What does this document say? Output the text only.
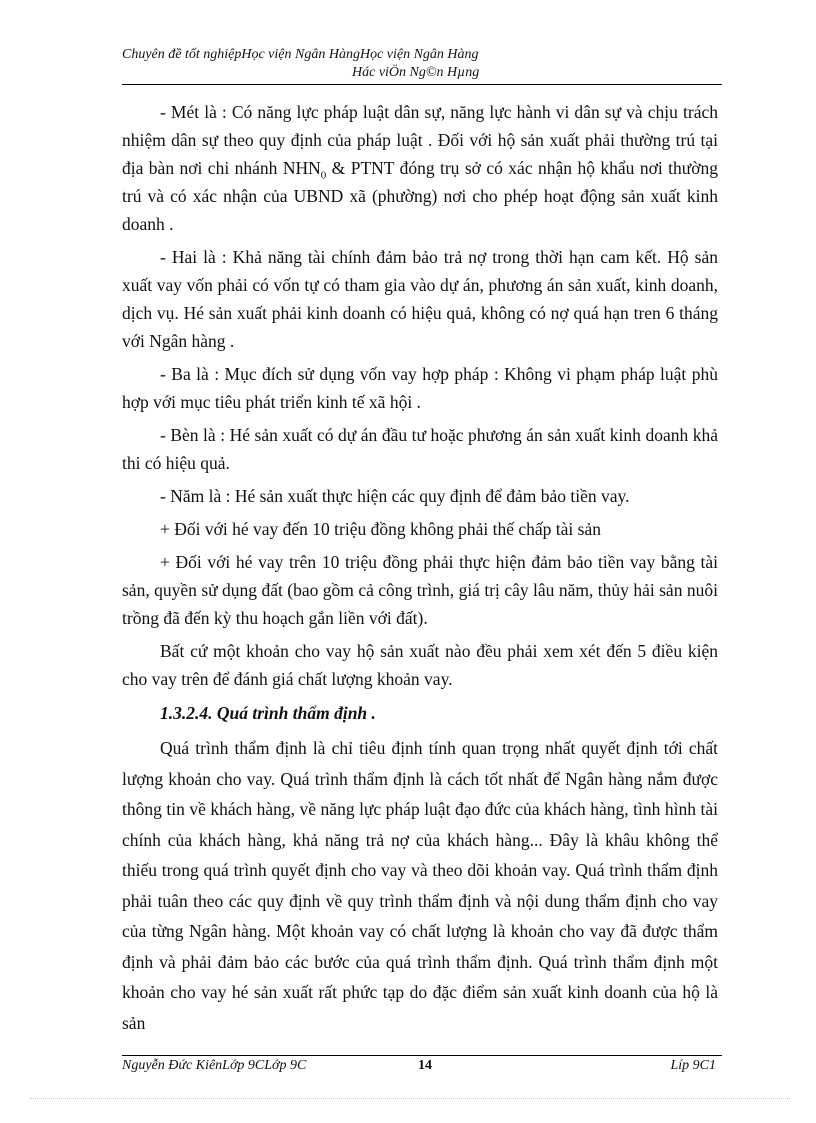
Chuyên đề tốt nghiệpHọc viện Ngân HàngHọc viện Ngân Hàng
Hác viÖn Ng©n Hµng

- Mét là : Có năng lực pháp luật dân sự, năng lực hành vi dân sự và chịu trách nhiệm dân sự theo quy định của pháp luật . Đối với hộ sản xuất phải thường trú tại địa bàn nơi chi nhánh $NHN_0$ & PTNT đóng trụ sở có xác nhận hộ khẩu nơi thường trú và có xác nhận của UBND xã (phường) nơi cho phép hoạt động sản xuất kinh doanh .

- Hai là : Khả năng tài chính đảm bảo trả nợ trong thời hạn cam kết. Hộ sản xuất vay vốn phải có vốn tự có tham gia vào dự án, phương án sản xuất, kinh doanh, dịch vụ. Hé sản xuất phải kinh doanh có hiệu quả, không có nợ quá hạn tren 6 tháng với Ngân hàng .

- Ba là : Mục đích sử dụng vốn vay hợp pháp : Không vi phạm pháp luật phù hợp với mục tiêu phát triển kinh tế xã hội .

- Bèn là : Hé sản xuất có dự án đầu tư hoặc phương án sản xuất kinh doanh khả thi có hiệu quả.

- Năm là : Hé sản xuất thực hiện các quy định để đảm bảo tiền vay.

+ Đối với hé vay đến 10 triệu đồng không phải thế chấp tài sản

+ Đối với hé vay trên 10 triệu đồng phải thực hiện đảm bảo tiền vay bằng tài sản, quyền sử dụng đất (bao gồm cả công trình, giá trị cây lâu năm, thủy hải sản nuôi trồng đã đến kỳ thu hoạch gắn liền với đất).

Bất cứ một khoản cho vay hộ sản xuất nào đều phải xem xét đến 5 điều kiện cho vay trên để đánh giá chất lượng khoản vay.

1.3.2.4. Quá trình thẩm định .

Quá trình thẩm định là chỉ tiêu định tính quan trọng nhất quyết định tới chất lượng khoản cho vay. Quá trình thẩm định là cách tốt nhất để Ngân hàng nắm được thông tin về khách hàng, về năng lực pháp luật đạo đức của khách hàng, tình hình tài chính của khách hàng, khả năng trả nợ của khách hàng... Đây là khâu không thể thiếu trong quá trình quyết định cho vay và theo dõi khoản vay. Quá trình thẩm định phải tuân theo các quy định về quy trình thẩm định và nội dung thẩm định cho vay của từng Ngân hàng. Một khoản vay có chất lượng là khoản cho vay đã được thẩm định và phải đảm bảo các bước của quá trình thẩm định. Quá trình thẩm định một khoản cho vay hé sản xuất rất phức tạp do đặc điểm sản xuất kinh doanh của hộ là sản

Nguyễn Đức KiênLớp 9CLớp 9C	14	Líp 9C1
